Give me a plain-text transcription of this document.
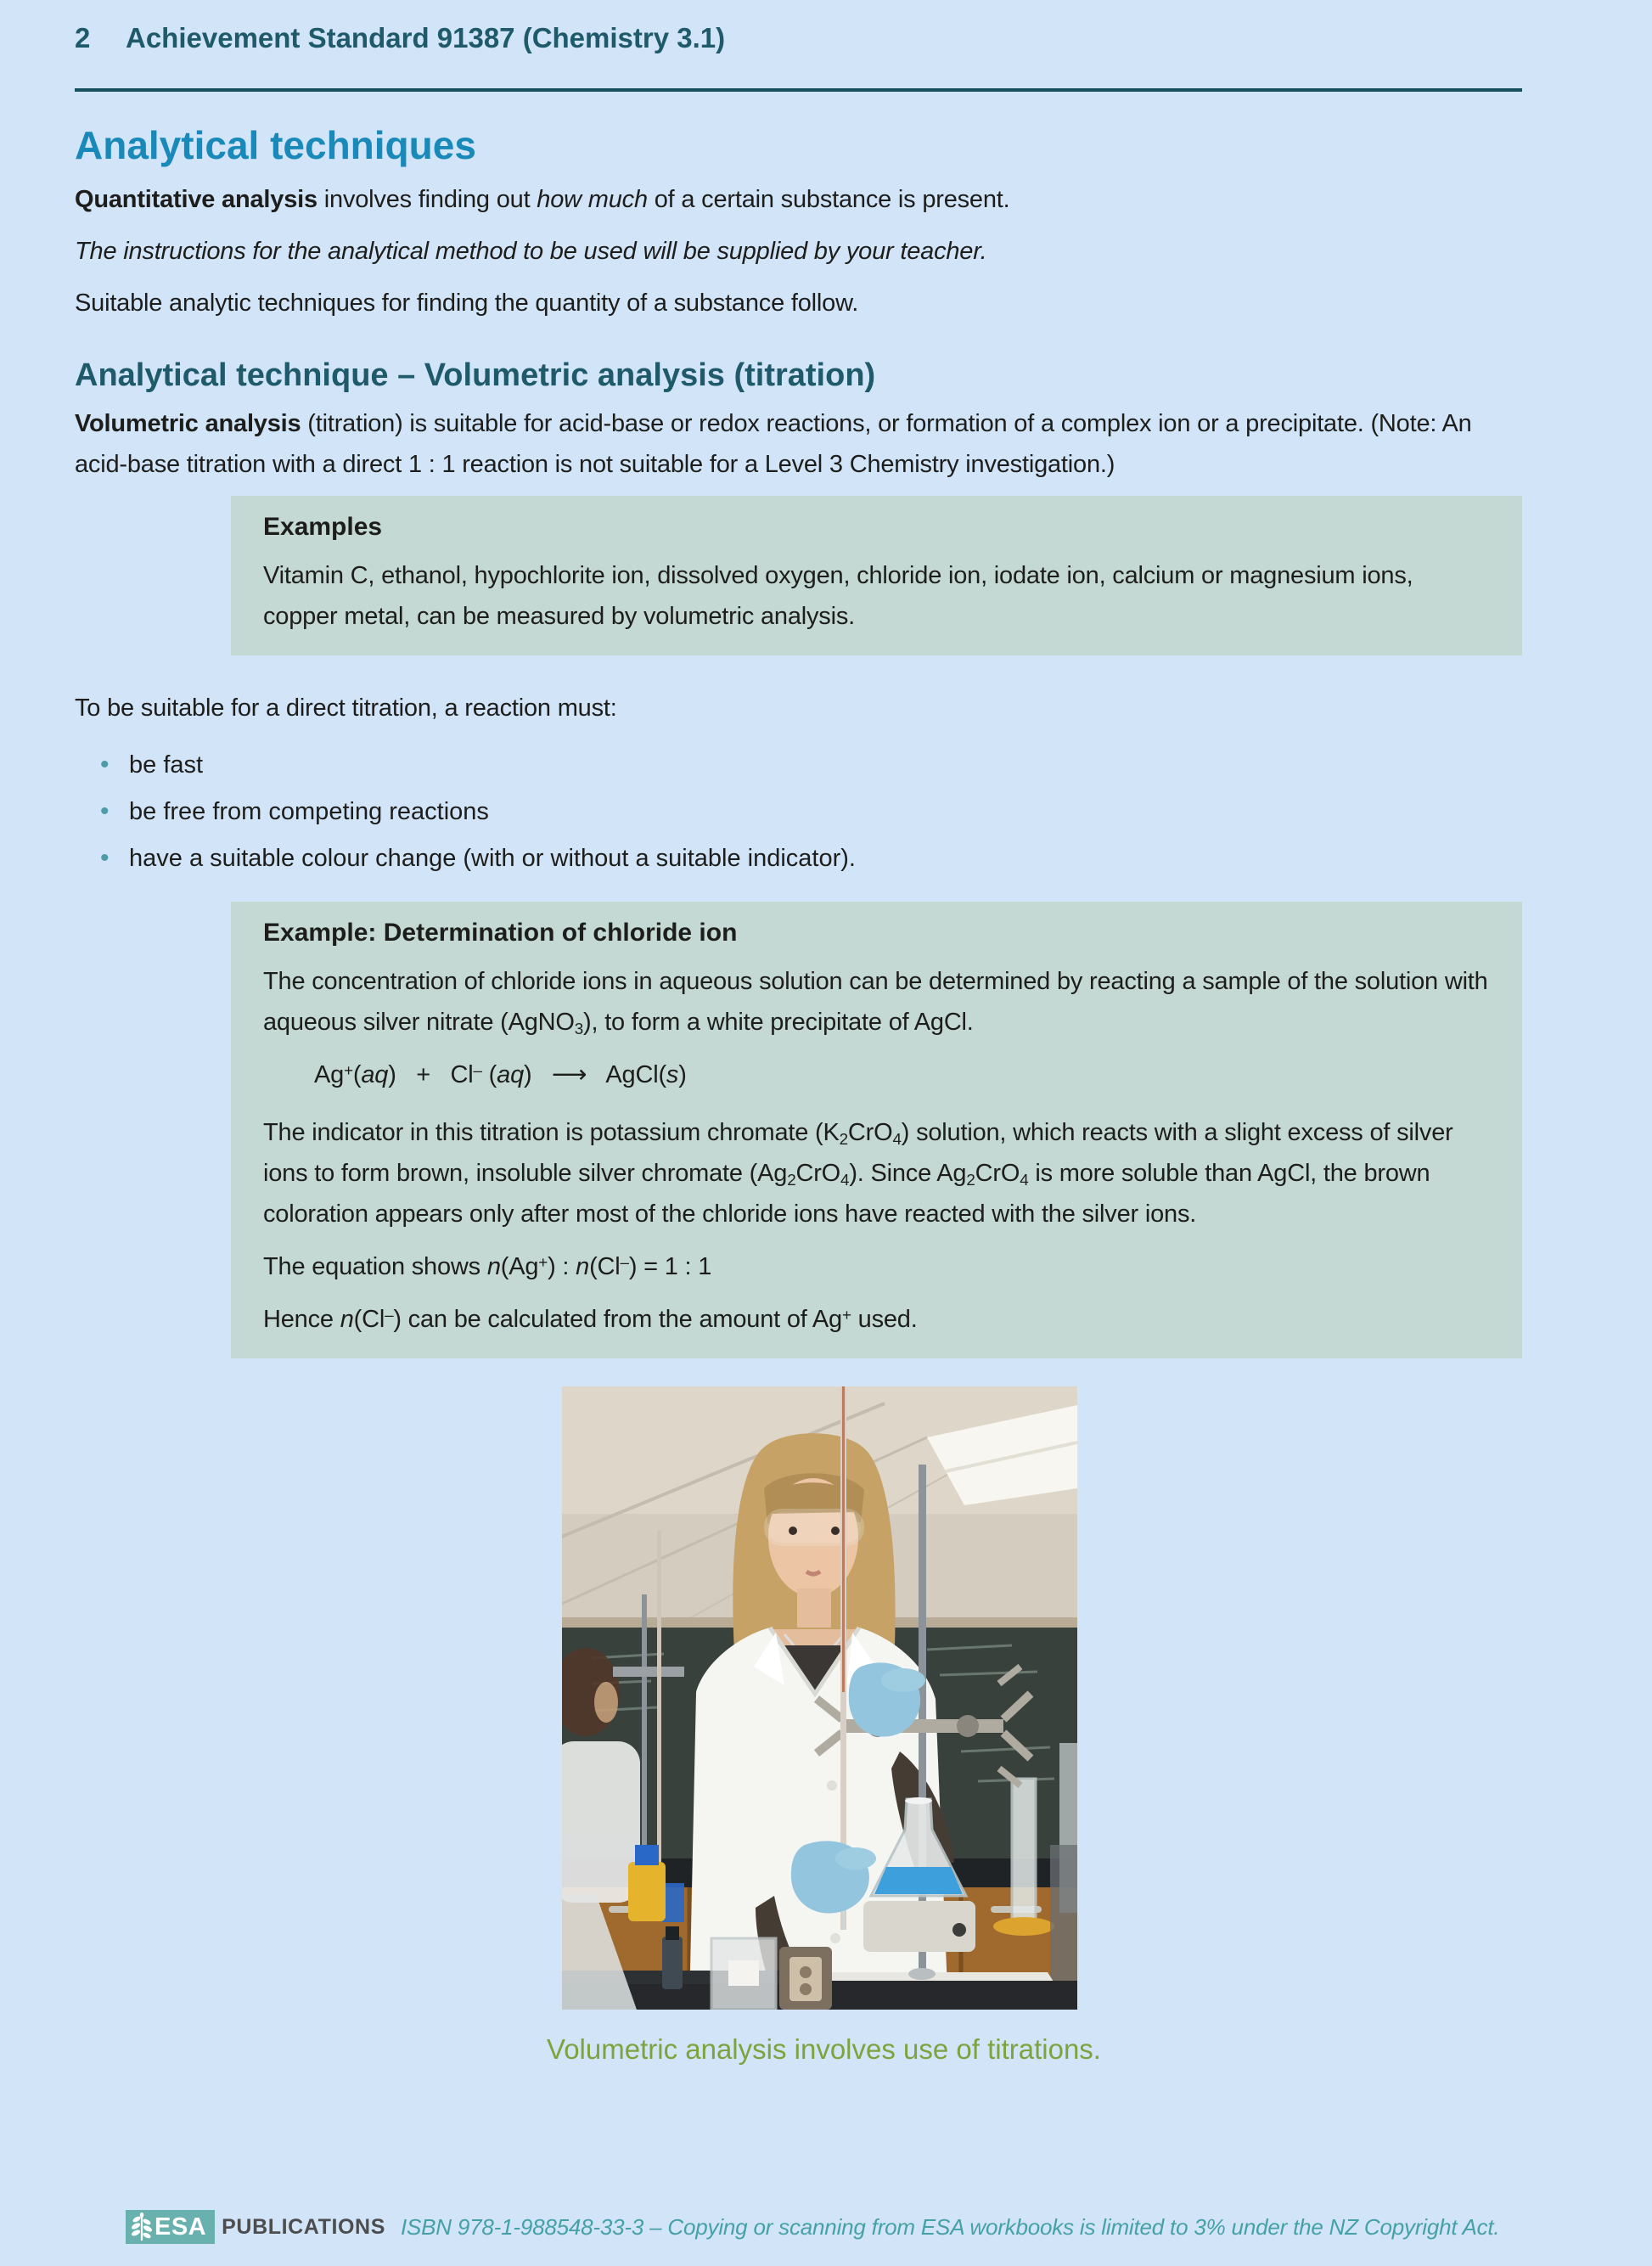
2	Achievement Standard 91387 (Chemistry 3.1)
Analytical techniques

Quantitative analysis involves finding out how much of a certain substance is present.

The instructions for the analytical method to be used will be supplied by your teacher.

Suitable analytic techniques for finding the quantity of a substance follow.

Analytical technique – Volumetric analysis (titration)

Volumetric analysis (titration) is suitable for acid-base or redox reactions, or formation of a complex ion or a precipitate. (Note: An acid-base titration with a direct 1 : 1 reaction is not suitable for a Level 3 Chemistry investigation.)

Examples

Vitamin C, ethanol, hypochlorite ion, dissolved oxygen, chloride ion, iodate ion, calcium or magnesium ions, copper metal, can be measured by volumetric analysis.

To be suitable for a direct titration, a reaction must:

• be fast
• be free from competing reactions
• have a suitable colour change (with or without a suitable indicator).
Example: Determination of chloride ion

The concentration of chloride ions in aqueous solution can be determined by reacting a sample of the solution with aqueous silver nitrate (AgNO$_3$), to form a white precipitate of AgCl.

Ag+(aq)   +   Cl– (aq)   ⟶   AgCl(s)

The indicator in this titration is potassium chromate $(K_2CrO_4)$ solution, which reacts with a slight excess of silver ions to form brown, insoluble silver chromate $(Ag_2CrO_4)$. Since $Ag_2CrO_4$ is more soluble than AgCl, the brown coloration appears only after most of the chloride ions have reacted with the silver ions.

The equation shows n(Ag+) : n(Cl–) = 1 : 1

Hence n(Cl–) can be calculated from the amount of Ag+ used.

Volumetric analysis involves use of titrations.
ESA PUBLICATIONS ISBN 978-1-988548-33-3 – Copying or scanning from ESA workbooks is limited to 3% under the NZ Copyright Act.
